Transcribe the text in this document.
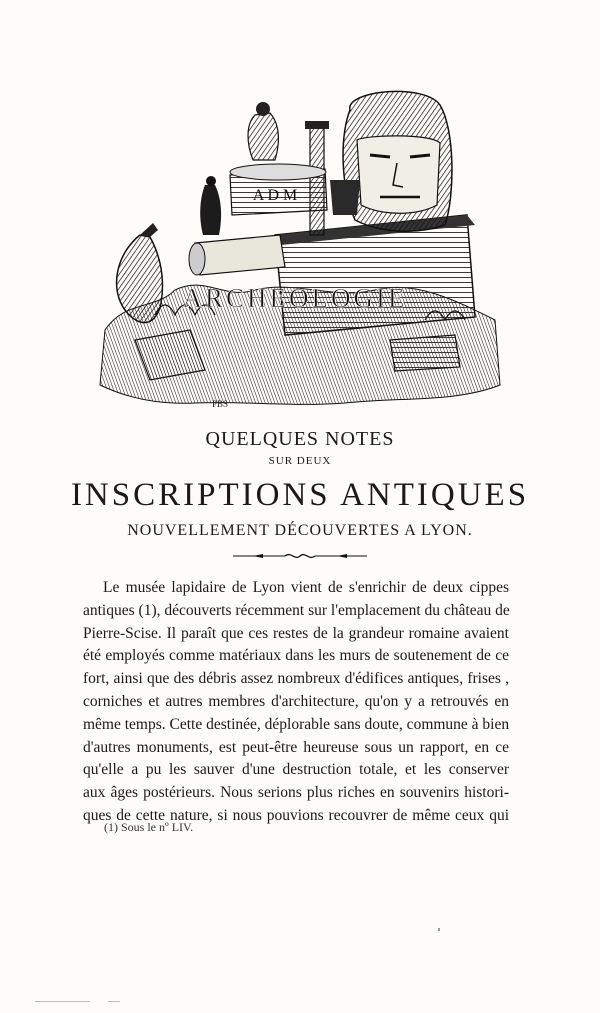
A D M
ARCHEOLOGIE
PBS
QUELQUES NOTES
SUR DEUX
INSCRIPTIONS ANTIQUES
NOUVELLEMENT DÉCOUVERTES A LYON.
Le musée lapidaire de Lyon vient de s'enrichir de deux cippes
antiques (1), découverts récemment sur l'emplacement du château de
Pierre-Scise. Il paraît que ces restes de la grandeur romaine avaient
été employés comme matériaux dans les murs de soutenement de ce
fort, ainsi que des débris assez nombreux d'édifices antiques, frises ,
corniches et autres membres d'architecture, qu'on y a retrouvés en
même temps. Cette destinée, déplorable sans doute, commune à bien
d'autres monuments, est peut-être heureuse sous un rapport, en ce
qu'elle a pu les sauver d'une destruction totale, et les conserver
aux âges postérieurs. Nous serions plus riches en souvenirs histori-
ques de cette nature, si nous pouvions recouvrer de même ceux qui
(1) Sous le nº LIV.
